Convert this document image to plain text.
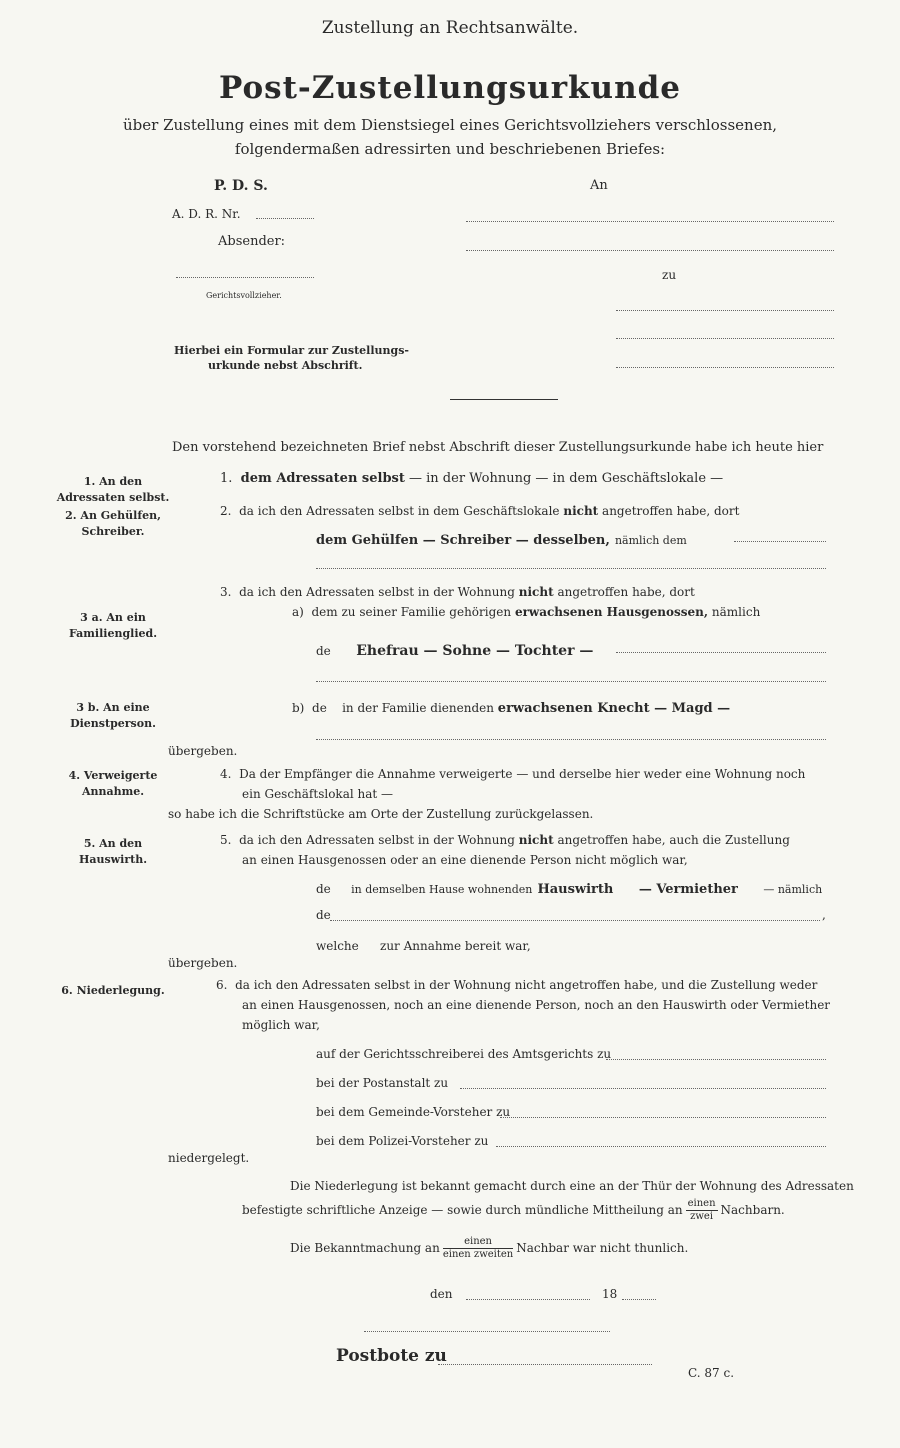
Zustellung an Rechtsanwälte.
Post-Zustellungsurkunde
über Zustellung eines mit dem Dienstsiegel eines Gerichtsvollziehers verschlossenen,
folgendermaßen adressirten und beschriebenen Briefes:
P. D. S.	An
A. D. R. Nr.
Absender:
zu
Gerichtsvollzieher.
Hierbei ein Formular zur Zustellungs-
urkunde nebst Abschrift.
Den vorstehend bezeichneten Brief nebst Abschrift dieser Zustellungsurkunde habe ich heute hier
1. An den
Adressaten selbst.
2. An Gehülfen,
Schreiber.
3 a. An ein
Familienglied.
3 b. An eine
Dienstperson.
4. Verweigerte
Annahme.
5. An den
Hauswirth.
6. Niederlegung.
1. dem Adressaten selbst — in der Wohnung — in dem Geschäftslokale —
2. da ich den Adressaten selbst in dem Geschäftslokale nicht angetroffen habe, dort
dem Gehülfen — Schreiber — desselben, nämlich dem
3. da ich den Adressaten selbst in der Wohnung nicht angetroffen habe, dort
a) dem zu seiner Familie gehörigen erwachsenen Hausgenossen, nämlich
de Ehefrau — Sohne — Tochter —
b) de in der Familie dienenden erwachsenen Knecht — Magd —
übergeben.
4. Da der Empfänger die Annahme verweigerte — und derselbe hier weder eine Wohnung noch
ein Geschäftslokal hat —
so habe ich die Schriftstücke am Orte der Zustellung zurückgelassen.
5. da ich den Adressaten selbst in der Wohnung nicht angetroffen habe, auch die Zustellung
an einen Hausgenossen oder an eine dienende Person nicht möglich war,
de in demselben Hause wohnenden Hauswirth — Vermiether — nämlich
de	,
welche zur Annahme bereit war,
übergeben.
6. da ich den Adressaten selbst in der Wohnung nicht angetroffen habe, und die Zustellung weder
an einen Hausgenossen, noch an eine dienende Person, noch an den Hauswirth oder Vermiether
möglich war,
auf der Gerichtsschreiberei des Amtsgerichts zu
bei der Postanstalt zu
bei dem Gemeinde-Vorsteher zu
bei dem Polizei-Vorsteher zu
niedergelegt.
Die Niederlegung ist bekannt gemacht durch eine an der Thür der Wohnung des Adressaten
befestigte schriftliche Anzeige — sowie durch mündliche Mittheilung an $\frac{\text{einen}}{\text{zwei}}$ Nachbarn.
Die Bekanntmachung an $\frac{\text{einen}}{\text{einen zweiten}}$ Nachbar war nicht thunlich.
den	18
Postbote zu
C. 87 c.
